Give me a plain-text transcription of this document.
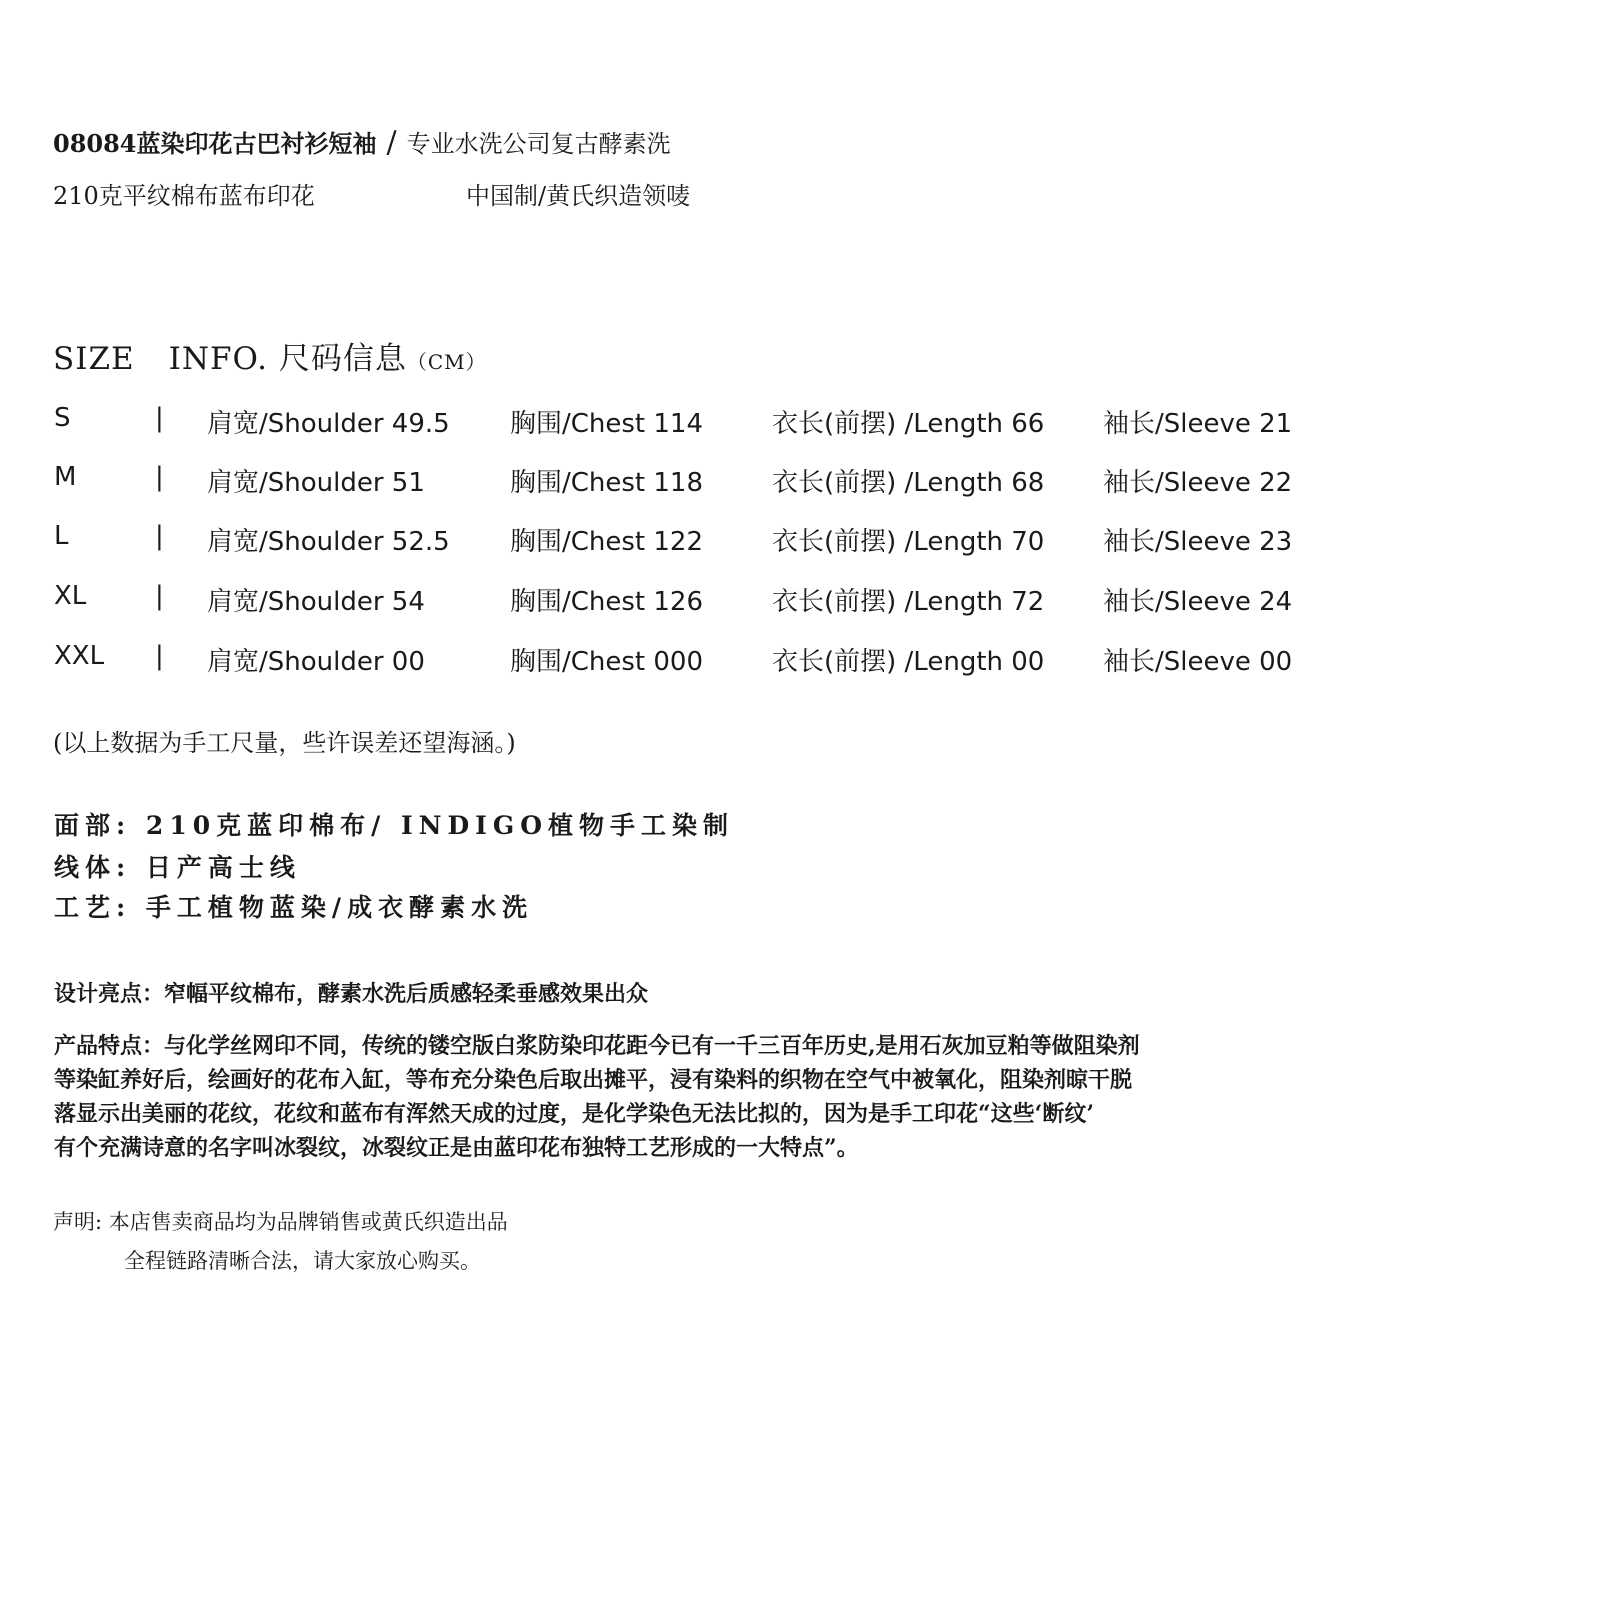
08084蓝染印花古巴衬衫短袖 / 专业水洗公司复古酵素洗
210克平纹棉布蓝布印花	中国制/黄氏织造领唛
SIZE INFO. 尺码信息（CM）
S	| 肩宽/Shoulder 49.5 胸围/Chest 114	衣长(前摆) /Length 66 袖长/Sleeve 21
M	| 肩宽/Shoulder 51	胸围/Chest 118	衣长(前摆) /Length 68 袖长/Sleeve 22
L	| 肩宽/Shoulder 52.5 胸围/Chest 122	衣长(前摆) /Length 70 袖长/Sleeve 23
XL	| 肩宽/Shoulder 54	胸围/Chest 126	衣长(前摆) /Length 72 袖长/Sleeve 24
XXL | 肩宽/Shoulder 00	胸围/Chest 000	衣长(前摆) /Length 00 袖长/Sleeve 00
(以上数据为手工尺量，些许误差还望海涵。)
面部: 210克蓝印棉布/ INDIGO植物手工染制
线体: 日产高士线
工艺: 手工植物蓝染/成衣酵素水洗
设计亮点：窄幅平纹棉布，酵素水洗后质感轻柔垂感效果出众
产品特点：与化学丝网印不同，传统的镂空版白浆防染印花距今已有一千三百年历史,是用石灰加豆粕等做阻染剂
等染缸养好后，绘画好的花布入缸，等布充分染色后取出摊平，浸有染料的织物在空气中被氧化，阻染剂晾干脱
落显示出美丽的花纹，花纹和蓝布有浑然天成的过度，是化学染色无法比拟的，因为是手工印花“这些‘断纹’
有个充满诗意的名字叫冰裂纹，冰裂纹正是由蓝印花布独特工艺形成的一大特点”。
声明: 本店售卖商品均为品牌销售或黄氏织造出品
全程链路清晰合法，请大家放心购买。
